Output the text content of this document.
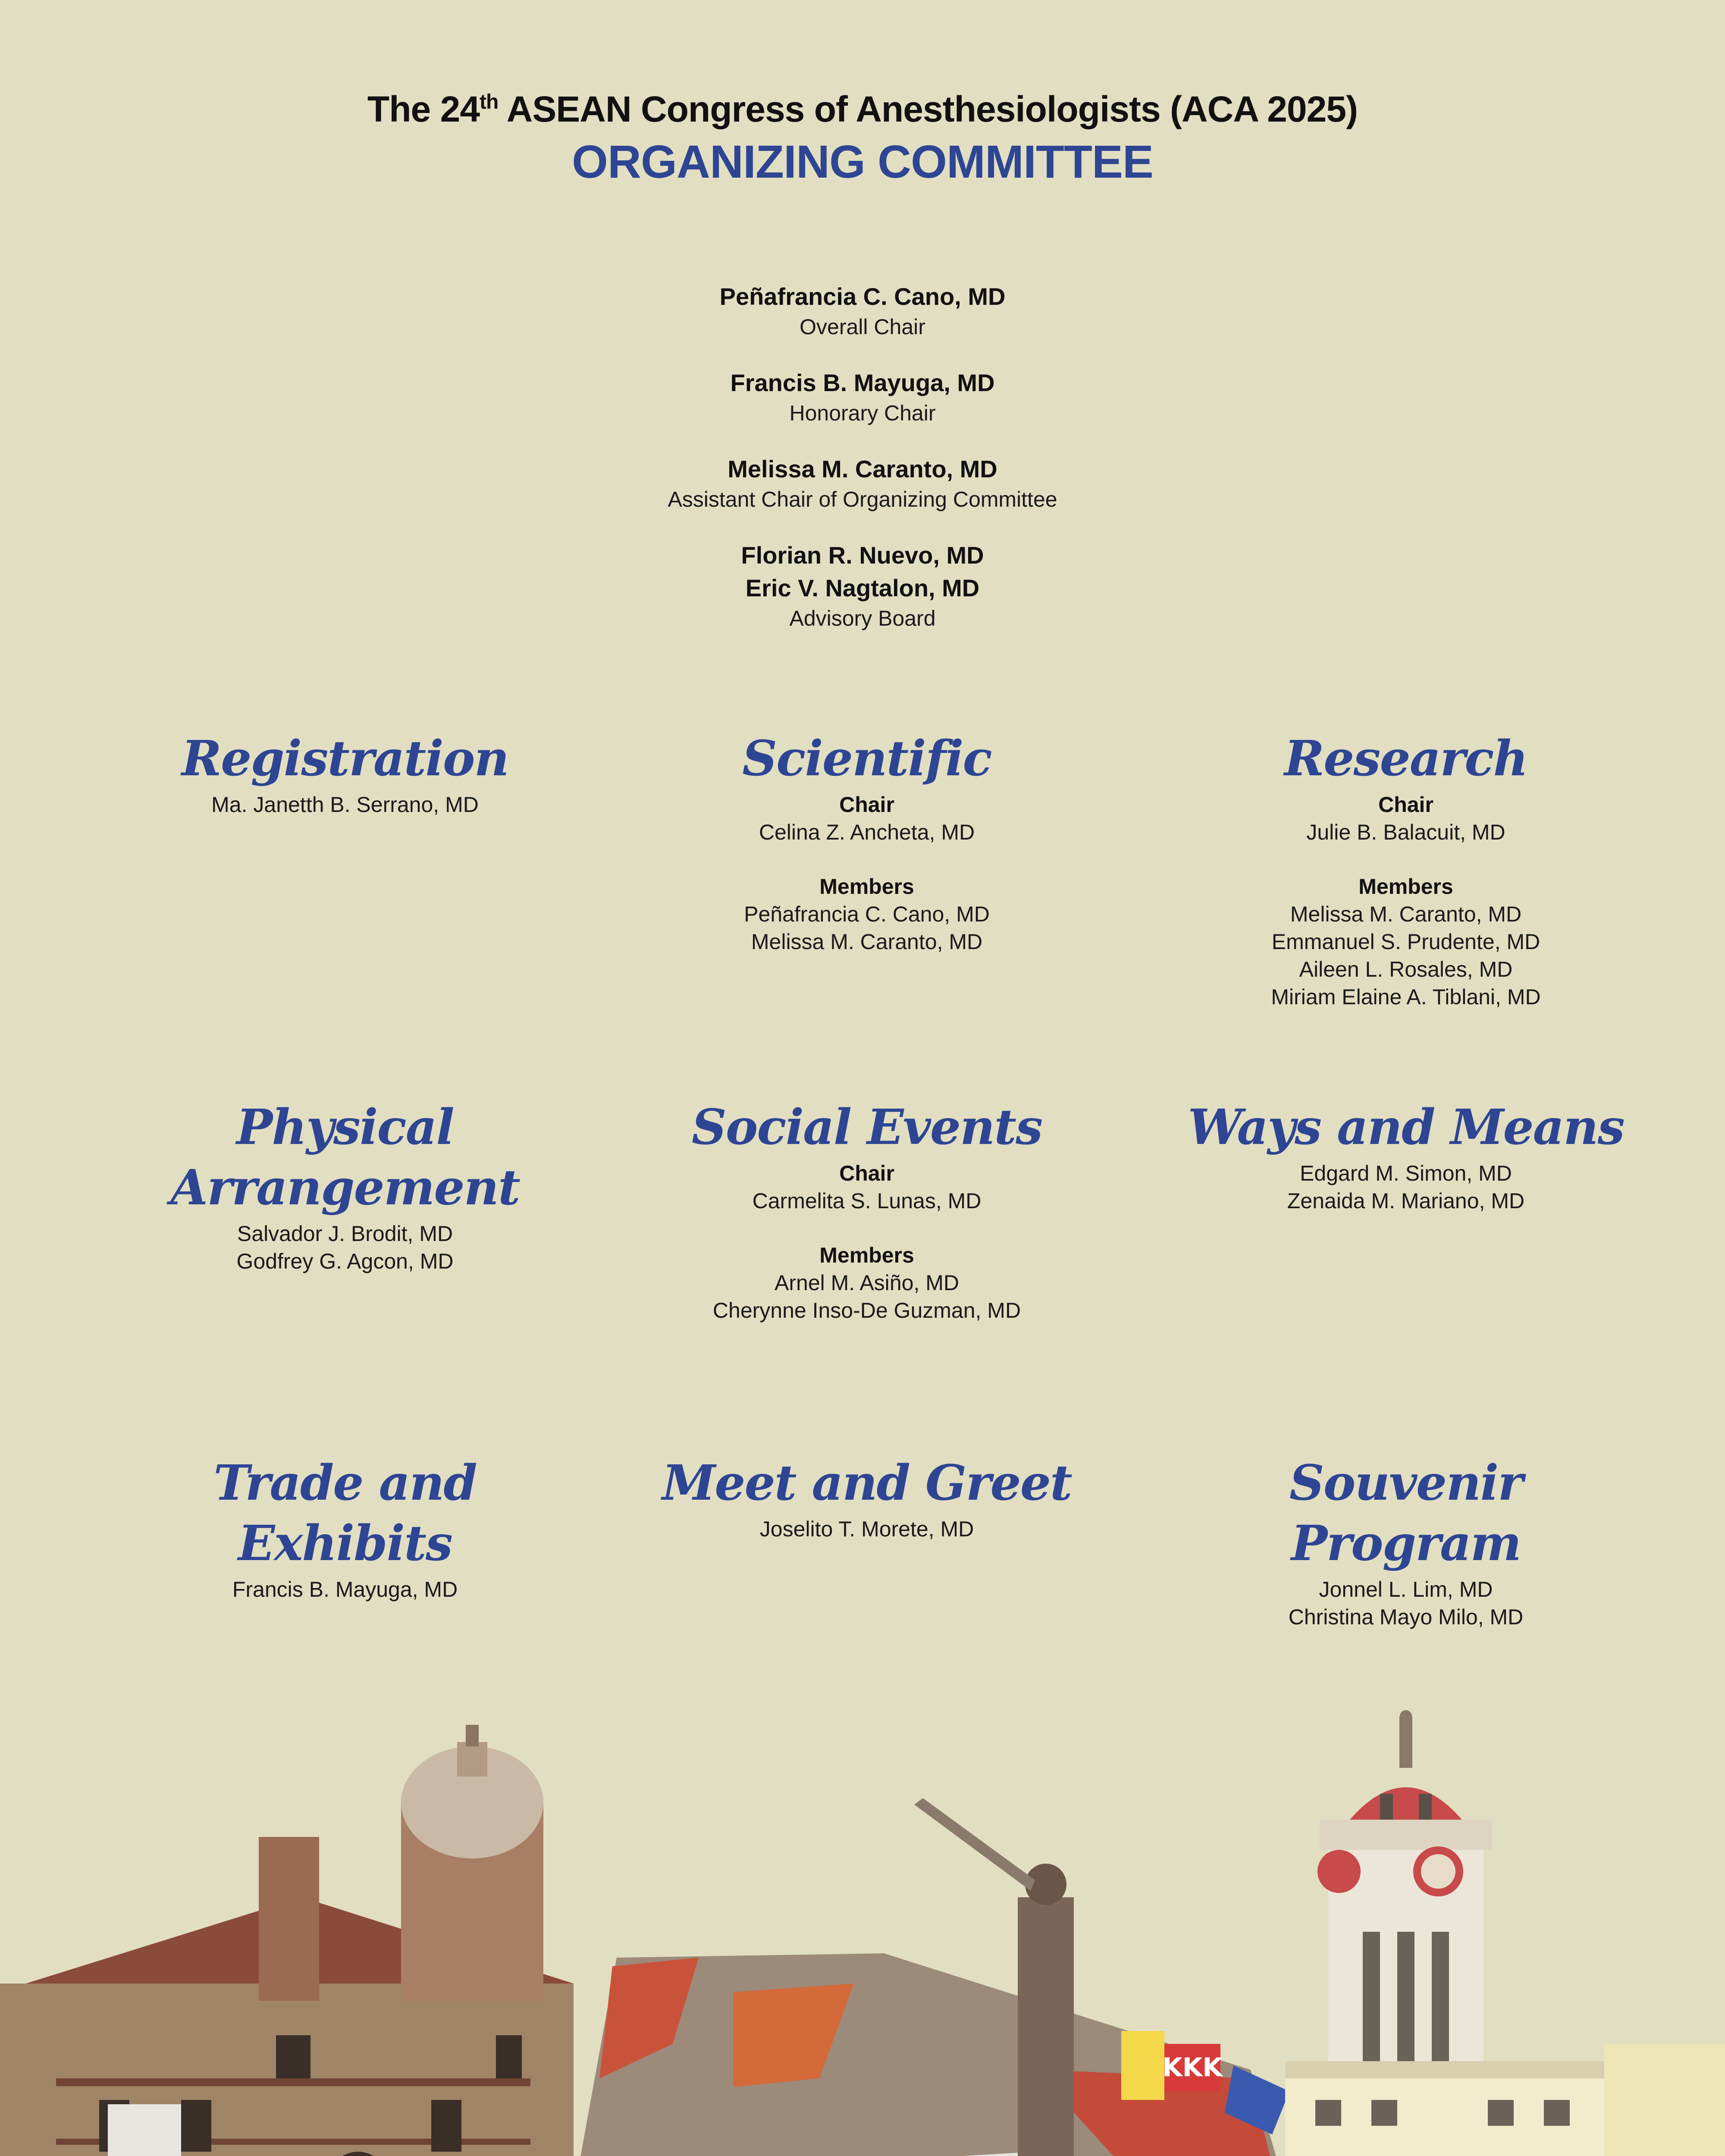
The 24th ASEAN Congress of Anesthesiologists (ACA 2025)
ORGANIZING COMMITTEE
Peñafrancia C. Cano, MD
Overall Chair
Francis B. Mayuga, MD
Honorary Chair
Melissa M. Caranto, MD
Assistant Chair of Organizing Committee
Florian R. Nuevo, MD
Eric V. Nagtalon, MD
Advisory Board
Registration
Ma. Janetth B. Serrano, MD
Scientific
Chair
Celina Z. Ancheta, MD
Members
Peñafrancia C. Cano, MD
Melissa M. Caranto, MD
Research
Chair
Julie B. Balacuit, MD
Members
Melissa M. Caranto, MD
Emmanuel S. Prudente, MD
Aileen L. Rosales, MD
Miriam Elaine A. Tiblani, MD
Physical Arrangement
Salvador J. Brodit, MD
Godfrey G. Agcon, MD
Social Events
Chair
Carmelita S. Lunas, MD
Members
Arnel M. Asiño, MD
Cherynne Inso-De Guzman, MD
Ways and Means
Edgard M. Simon, MD
Zenaida M. Mariano, MD
Trade and Exhibits
Francis B. Mayuga, MD
Meet and Greet
Joselito T. Morete, MD
Souvenir Program
Jonnel L. Lim, MD
Christina Mayo Milo, MD
KKK
